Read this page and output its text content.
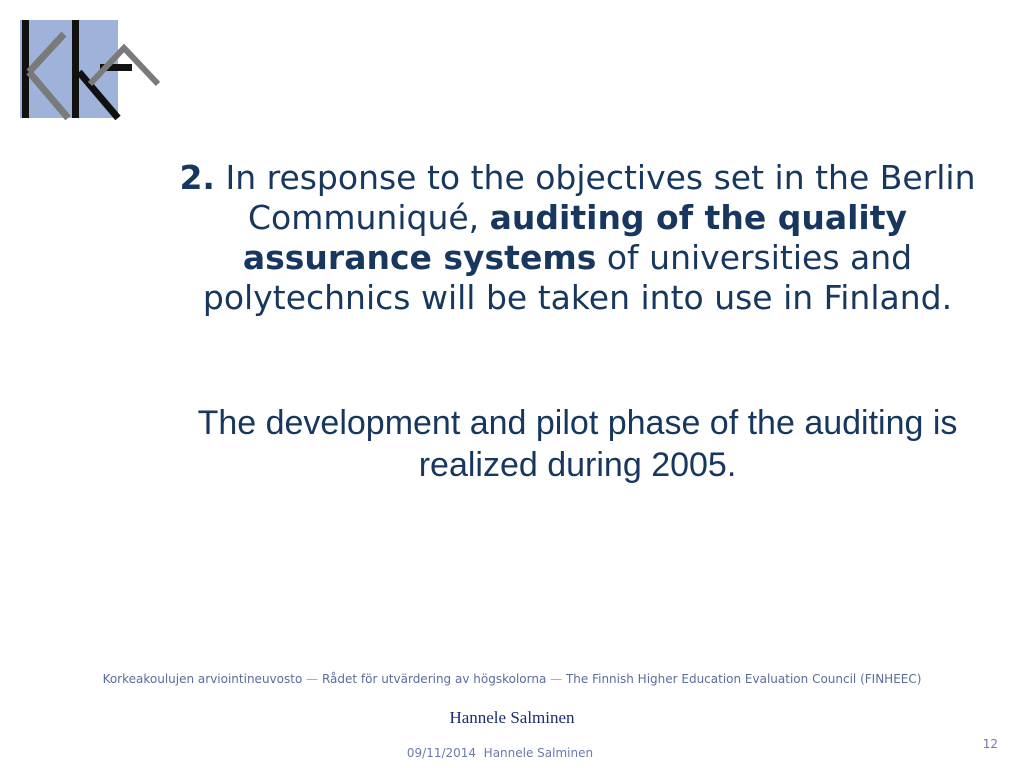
2. In response to the objectives set in the Berlin Communiqué, auditing of the quality assurance systems of universities and polytechnics will be taken into use in Finland.
The development and pilot phase of the auditing is realized during 2005.
Korkeakoulujen arviointineuvosto — Rådet för utvärdering av högskolorna — The Finnish Higher Education Evaluation Council (FINHEEC)
Hannele Salminen
09/11/2014  Hannele Salminen
12
